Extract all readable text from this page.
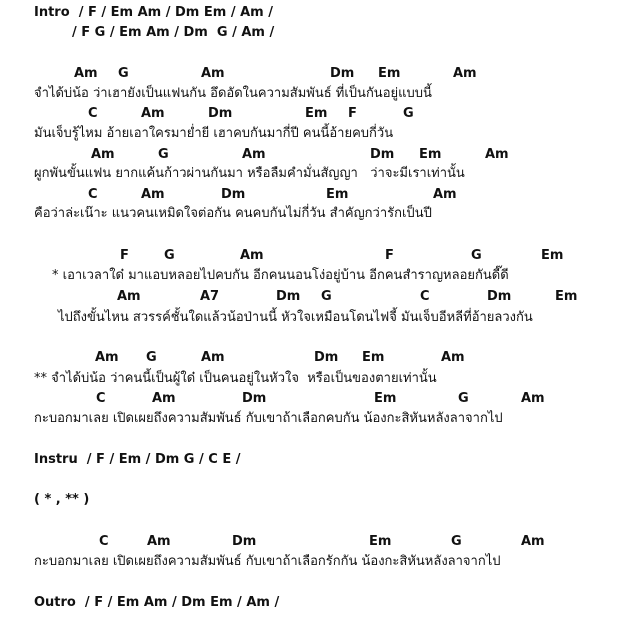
Intro  / F / Em Am / Dm Em / Am /
/ F G / Em Am / Dm  G / Am /
Am G	Am	Dm Em	Am
จำได้บ่น้อ ว่าเฮายังเป็นแฟนกัน อึดอัดในความสัมพันธ์ ที่เป็นกันอยู่แบบนี้
C	Am	Dm	Em F	G
มันเจ็บรู้ไหม อ้ายเอาใครมาย่ำยี เฮาคบกันมากี่ปี คนนี้อ้ายคบกี่วัน
Am	G	Am	Dm Em	Am
ผูกพันขั้นแฟน ยากแค้นก้าวผ่านกันมา หรือลืมคำมั่นสัญญา   ว่าจะมีเราเท่านั้น
C	Am	Dm	Em	Am
คือว่าล่ะเน๊าะ แนวคนเหมิดใจต่อกัน คนคบกันไม่กี่วัน สำคัญกว่ารักเป็นปี
F	G	Am	F	G	Em
* เอาเวลาใด๋ มาแอบหลอยไปคบกัน อีกคนนอนโง่อยู่บ้าน อีกคนสำราญหลอยกันดี๊ดี
Am	A7	Dm G	C	Dm	Em
ไปถึงขั้นไหน สวรรค์ชั้นใดแล้วน้อป่านนี้ หัวใจเหมือนโดนไฟจี้ มันเจ็บอีหลีที่อ้ายลวงกัน
Am G	Am	Dm Em	Am
** จำได้บ่น้อ ว่าคนนี้เป็นผู้ใด๋ เป็นคนอยู่ในหัวใจ  หรือเป็นของตายเท่านั้น
C	Am	Dm	Em	G	Am
กะบอกมาเลย เปิดเผยถึงความสัมพันธ์ กับเขาถ้าเลือกคบกัน น้องกะสิหันหลังลาจากไป
Instru  / F / Em / Dm G / C E /
( * , ** )
C	Am	Dm	Em	G	Am
กะบอกมาเลย เปิดเผยถึงความสัมพันธ์ กับเขาถ้าเลือกรักกัน น้องกะสิหันหลังลาจากไป
Outro  / F / Em Am / Dm Em / Am /
